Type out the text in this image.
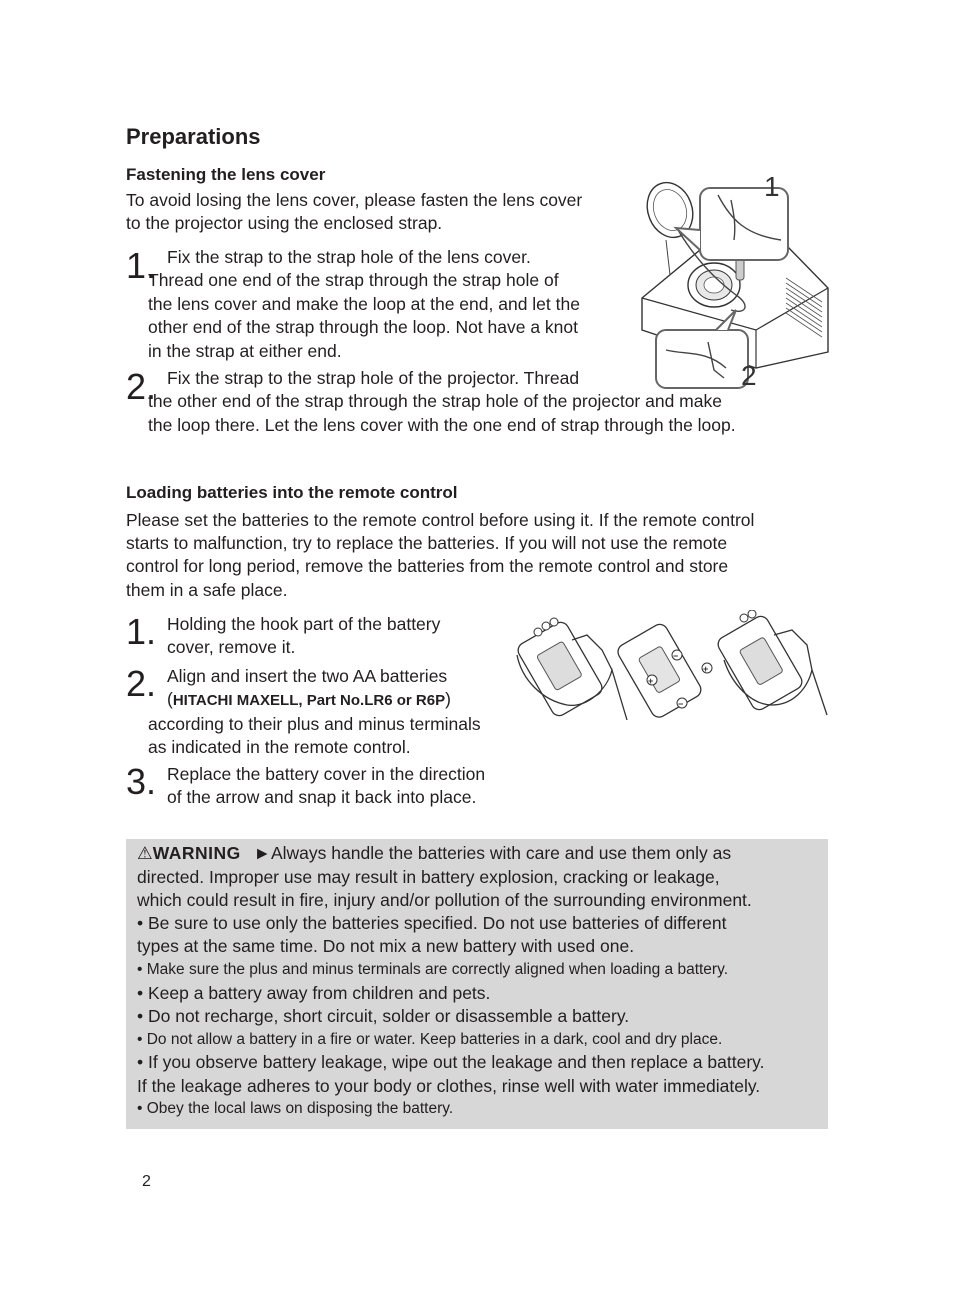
Preparations
Fastening the lens cover
To avoid losing the lens cover, please fasten the lens cover
to the projector using the enclosed strap.
1. Fix the strap to the strap hole of the lens cover.
Thread one end of the strap through the strap hole of
the lens cover and make the loop at the end, and let the
other end of the strap through the loop. Not have a knot
in the strap at either end.
2. Fix the strap to the strap hole of the projector. Thread
the other end of the strap through the strap hole of the projector and make
the loop there. Let the lens cover with the one end of strap through the loop.
1
2
Loading batteries into the remote control
Please set the batteries to the remote control before using it. If the remote control
starts to malfunction, try to replace the batteries. If you will not use the remote
control for long period, remove the batteries from the remote control and store
them in a safe place.
1. Holding the hook part of the battery
cover, remove it.
2. Align and insert the two AA batteries
(HITACHI MAXELL, Part No.LR6 or R6P)
according to their plus and minus terminals
as indicated in the remote control.
3. Replace the battery cover in the direction
of the arrow and snap it back into place.
−
+
+
−
⚠WARNING ►Always handle the batteries with care and use them only as
directed. Improper use may result in battery explosion, cracking or leakage,
which could result in fire, injury and/or pollution of the surrounding environment.
• Be sure to use only the batteries specified. Do not use batteries of different
types at the same time. Do not mix a new battery with used one.
• Make sure the plus and minus terminals are correctly aligned when loading a battery.
• Keep a battery away from children and pets.
• Do not recharge, short circuit, solder or disassemble a battery.
• Do not allow a battery in a fire or water. Keep batteries in a dark, cool and dry place.
• If you observe battery leakage, wipe out the leakage and then replace a battery.
If the leakage adheres to your body or clothes, rinse well with water immediately.
• Obey the local laws on disposing the battery.
2
